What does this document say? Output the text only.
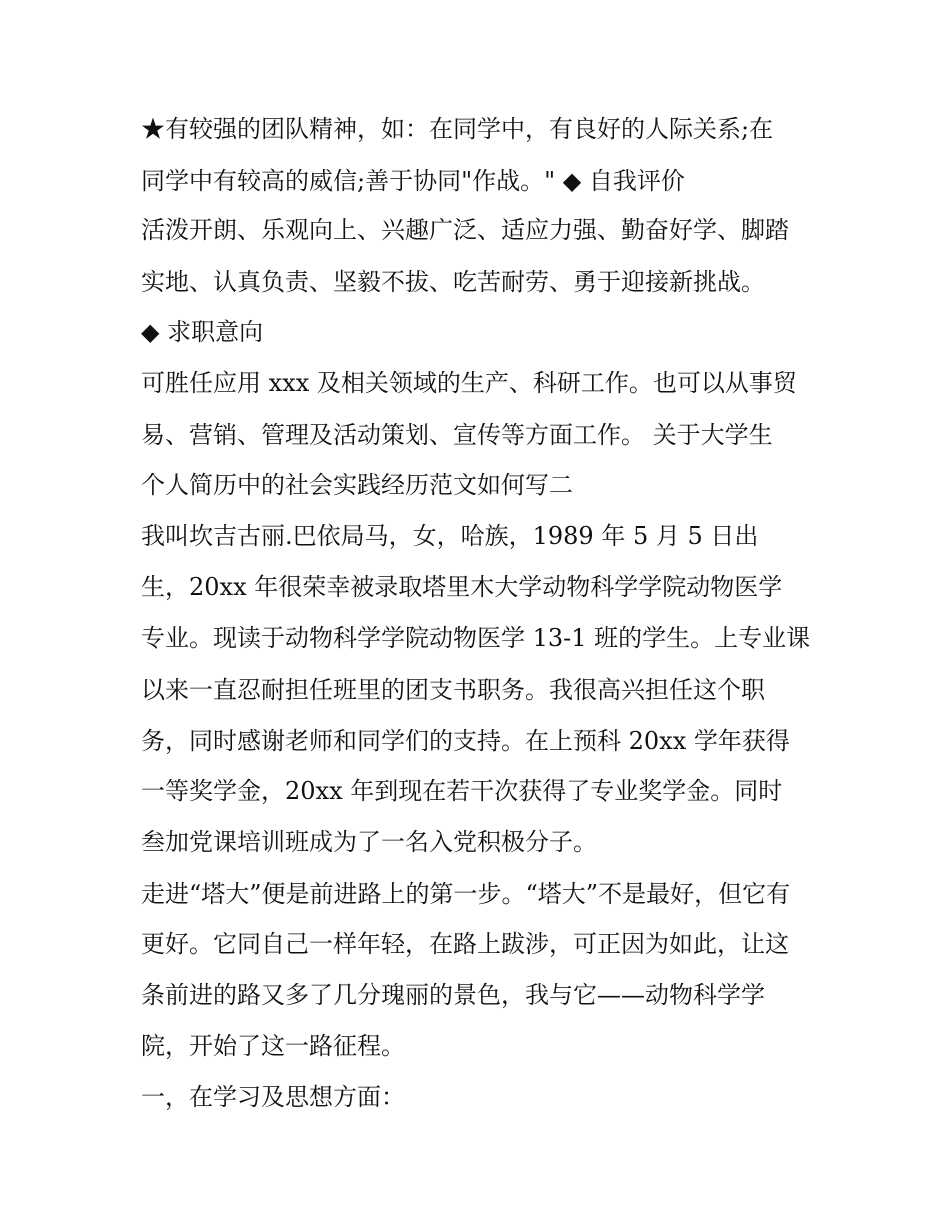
★有较强的团队精神，如：在同学中，有良好的人际关系;在
同学中有较高的威信;善于协同"作战。" ◆ 自我评价
活泼开朗、乐观向上、兴趣广泛、适应力强、勤奋好学、脚踏
实地、认真负责、坚毅不拔、吃苦耐劳、勇于迎接新挑战。
◆ 求职意向
可胜任应用 xxx 及相关领域的生产、科研工作。也可以从事贸
易、营销、管理及活动策划、宣传等方面工作。 关于大学生
个人简历中的社会实践经历范文如何写二
我叫坎吉古丽.巴依局马，女，哈族，1989 年 5 月 5 日出
生，20xx 年很荣幸被录取塔里木大学动物科学学院动物医学
专业。现读于动物科学学院动物医学 13-1 班的学生。上专业课
以来一直忍耐担任班里的团支书职务。我很高兴担任这个职
务，同时感谢老师和同学们的支持。在上预科 20xx 学年获得
一等奖学金，20xx 年到现在若干次获得了专业奖学金。同时
叁加党课培训班成为了一名入党积极分子。
走进“塔大”便是前进路上的第一步。“塔大”不是最好，但它有
更好。它同自己一样年轻，在路上跋涉，可正因为如此，让这
条前进的路又多了几分瑰丽的景色，我与它——动物科学学
院，开始了这一路征程。
一，在学习及思想方面：
